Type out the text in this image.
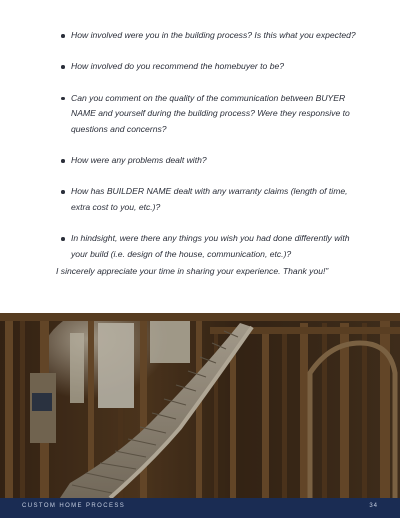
How involved were you in the building process? Is this what you expected?
How involved do you recommend the homebuyer to be?
Can you comment on the quality of the communication between BUYER NAME and yourself during the building process? Were they responsive to questions and concerns?
How were any problems dealt with?
How has BUILDER NAME dealt with any warranty claims (length of time, extra cost to you, etc.)?
In hindsight, were there any things you wish you had done differently with your build (i.e. design of the house, communication, etc.)?

I sincerely appreciate your time in sharing your experience. Thank you!”

CUSTOM HOME PROCESS	34
